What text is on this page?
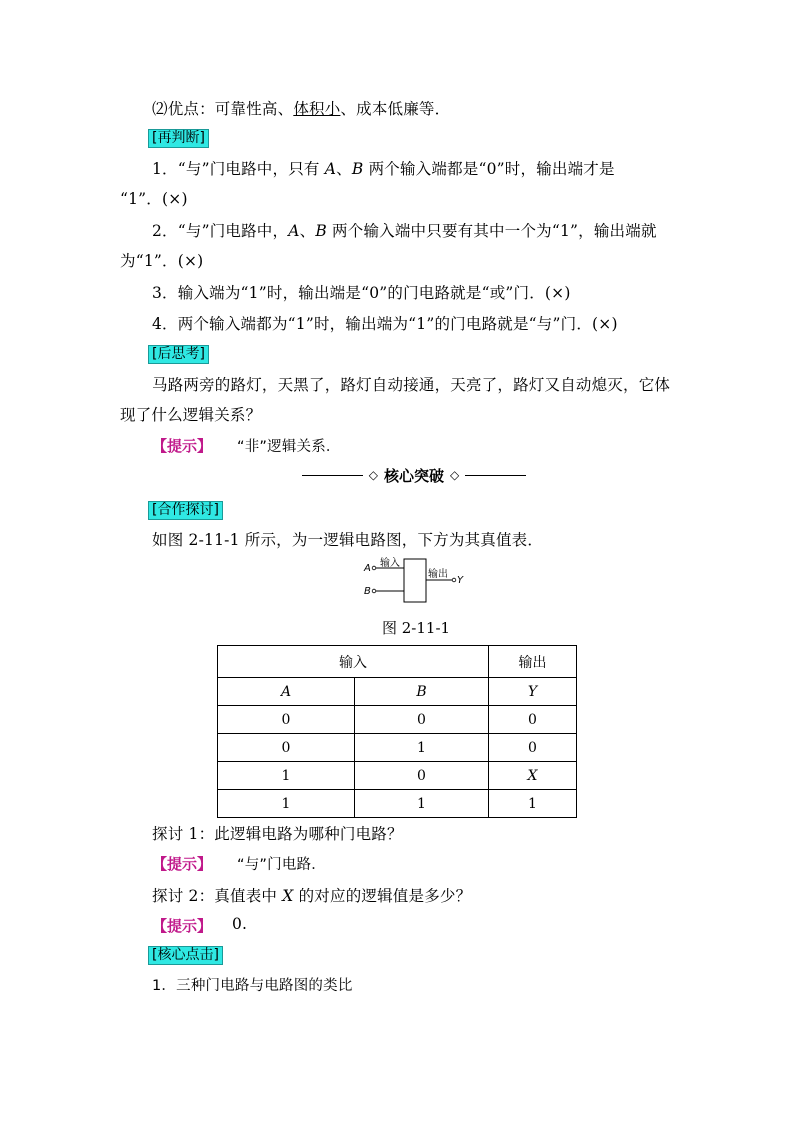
⑵优点：可靠性高、体积小、成本低廉等．
[再判断]
1．“与”门电路中，只有 A、B 两个输入端都是“0”时，输出端才是
“1”．(×)
2．“与”门电路中，A、B 两个输入端中只要有其中一个为“1”，输出端就
为“1”．(×)
3．输入端为“1”时，输出端是“0”的门电路就是“或”门．(×)
4．两个输入端都为“1”时，输出端为“1”的门电路就是“与”门．(×)
[后思考]
马路两旁的路灯，天黑了，路灯自动接通，天亮了，路灯又自动熄灭，它体
现了什么逻辑关系？
【提示】 “非”逻辑关系．
◇ 核心突破 ◇
[合作探讨]
如图 2-11-1 所示，为一逻辑电路图，下方为其真值表．
A
B
输入
输出
Y
图 2-11-1
输入		输出
A	B	Y
0	0	0
0	1	0
1	0	X
1	1	1
探讨 1：此逻辑电路为哪种门电路？
【提示】 “与”门电路．
探讨 2：真值表中 X 的对应的逻辑值是多少？
【提示】 0.
[核心点击]
1．三种门电路与电路图的类比
